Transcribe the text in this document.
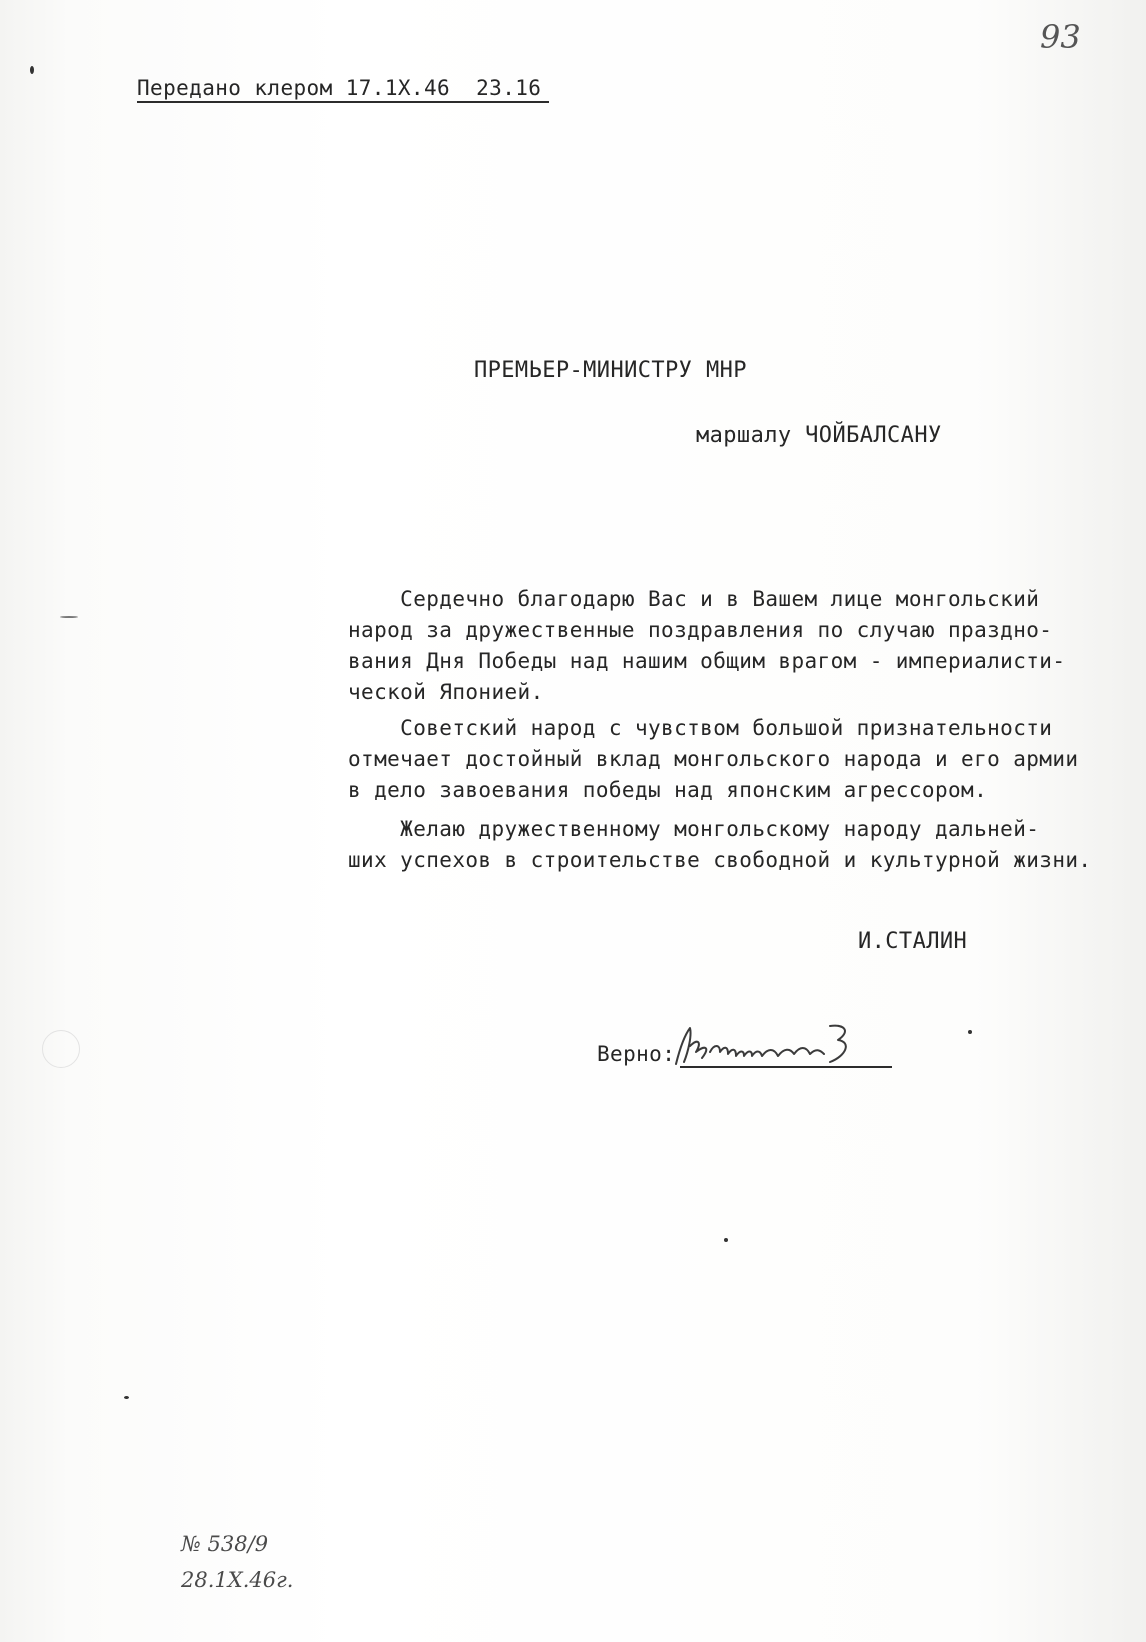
93
Передано клером 17.1Х.46  23.16
ПРЕМЬЕР-МИНИСТРУ МНР
маршалу ЧОЙБАЛСАНУ
Сердечно благодарю Вас и в Вашем лице монгольский
народ за дружественные поздравления по случаю праздно-
вания Дня Победы над нашим общим врагом - империалисти-
ческой Японией.
Советский народ с чувством большой признательности
отмечает достойный вклад монгольского народа и его армии
в дело завоевания победы над японским агрессором.
Желаю дружественному монгольскому народу дальней-
ших успехов в строительстве свободной и культурной жизни.
И.СТАЛИН
Верно:
№ 538/9
28.1Х.46г.
